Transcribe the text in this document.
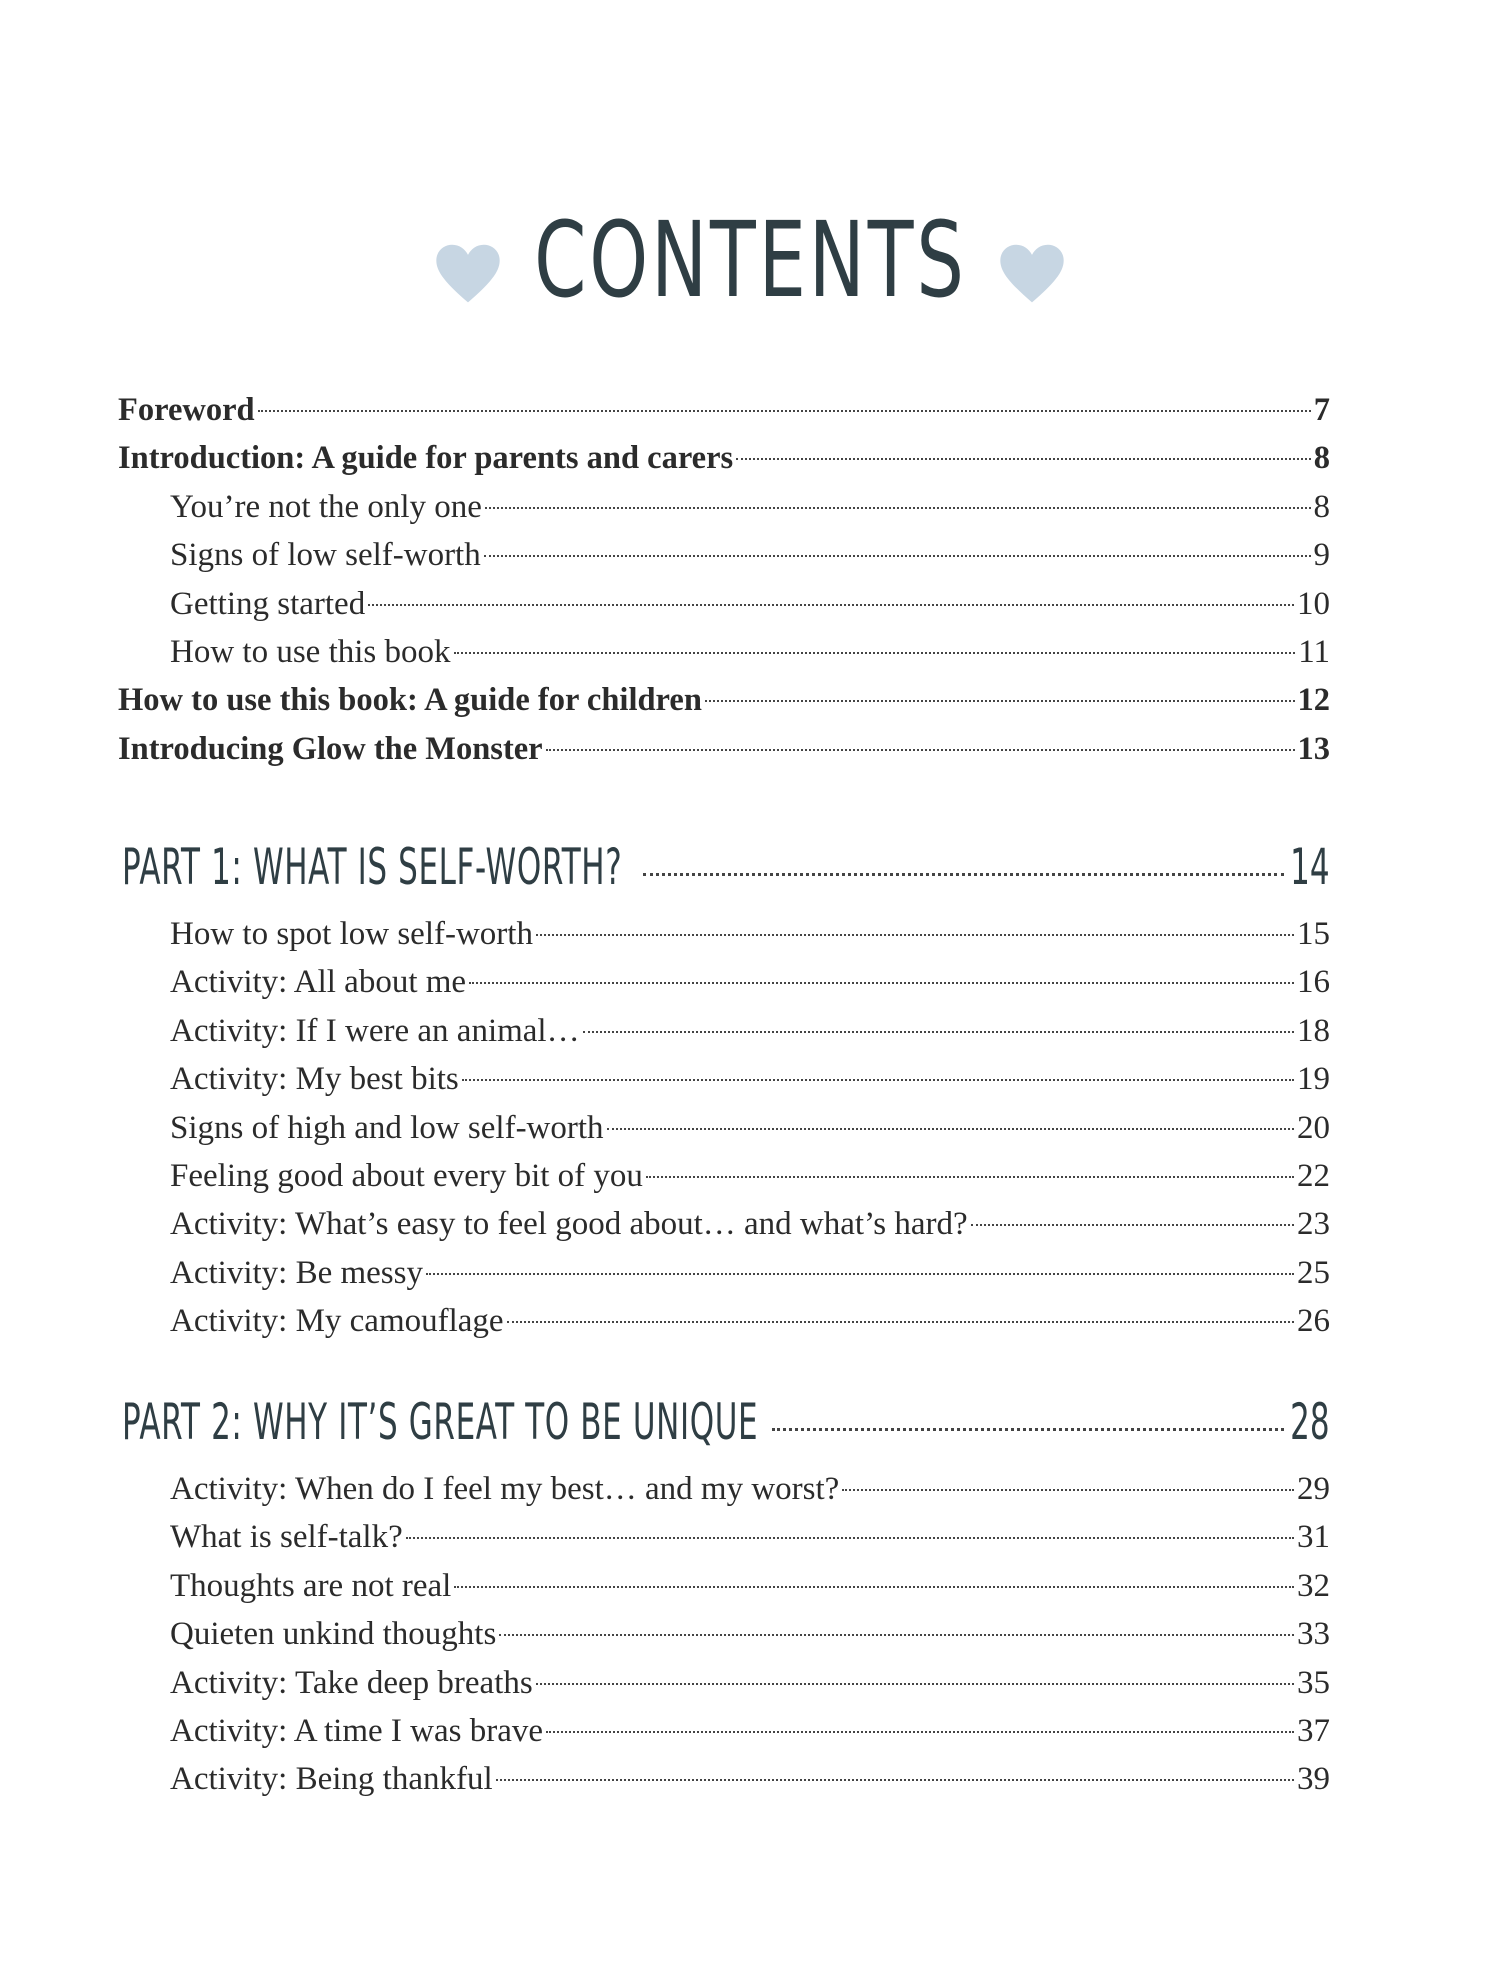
CONTENTS
Foreword	7
Introduction: A guide for parents and carers	8
You’re not the only one	8
Signs of low self-worth	9
Getting started	10
How to use this book	11
How to use this book: A guide for children	12
Introducing Glow the Monster	13
PART 1: WHAT IS SELF-WORTH?	14
How to spot low self-worth	15
Activity: All about me	16
Activity: If I were an animal…	18
Activity: My best bits	19
Signs of high and low self-worth	20
Feeling good about every bit of you	22
Activity: What’s easy to feel good about… and what’s hard?	23
Activity: Be messy	25
Activity: My camouflage	26
PART 2: WHY IT’S GREAT TO BE UNIQUE	28
Activity: When do I feel my best… and my worst?	29
What is self-talk?	31
Thoughts are not real	32
Quieten unkind thoughts	33
Activity: Take deep breaths	35
Activity: A time I was brave	37
Activity: Being thankful	39
